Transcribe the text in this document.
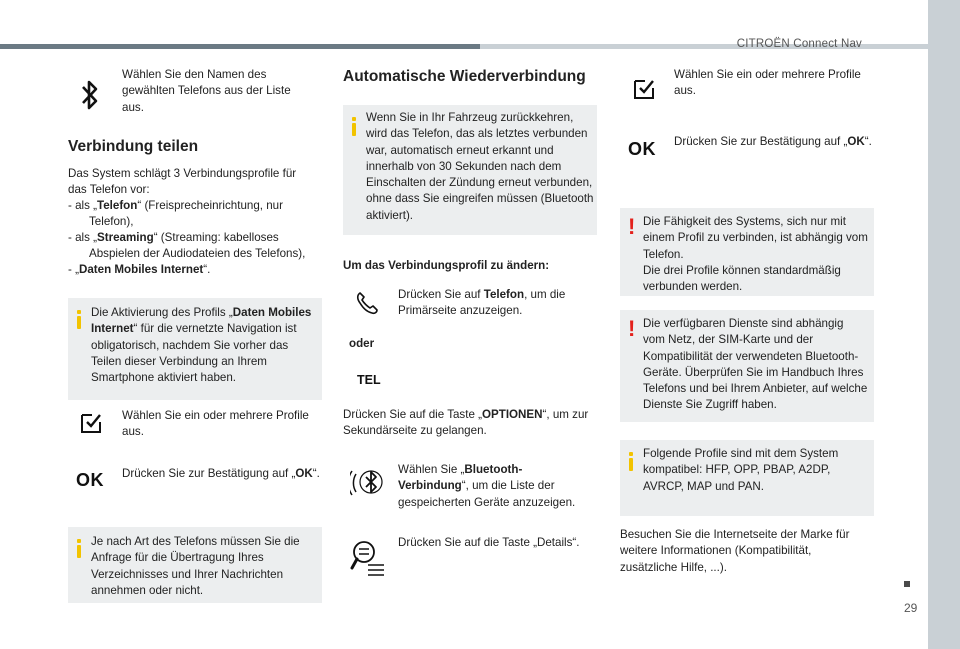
CITROËN Connect Nav
Wählen Sie den Namen des gewählten Telefons aus der Liste aus.
Verbindung teilen
Das System schlägt 3 Verbindungsprofile für das Telefon vor:
- als „Telefon“ (Freisprecheinrichtung, nur
Telefon),
- als „Streaming“ (Streaming: kabelloses
Abspielen der Audiodateien des Telefons),
- „Daten Mobiles Internet“.
Die Aktivierung des Profils „Daten Mobiles Internet“ für die vernetzte Navigation ist obligatorisch, nachdem Sie vorher das Teilen dieser Verbindung an Ihrem Smartphone aktiviert haben.
Wählen Sie ein oder mehrere Profile aus.
OK Drücken Sie zur Bestätigung auf „OK“.
Je nach Art des Telefons müssen Sie die Anfrage für die Übertragung Ihres Verzeichnisses und Ihrer Nachrichten annehmen oder nicht.
Automatische Wiederverbindung
Wenn Sie in Ihr Fahrzeug zurückkehren, wird das Telefon, das als letztes verbunden war, automatisch erneut erkannt und innerhalb von 30 Sekunden nach dem Einschalten der Zündung erneut verbunden, ohne dass Sie eingreifen müssen (Bluetooth aktiviert).
Um das Verbindungsprofil zu ändern:
Drücken Sie auf Telefon, um die Primärseite anzuzeigen.
oder
TEL
Drücken Sie auf die Taste „OPTIONEN“, um zur Sekundärseite zu gelangen.
Wählen Sie „Bluetooth-Verbindung“, um die Liste der gespeicherten Geräte anzuzeigen.
Drücken Sie auf die Taste „Details“.
Wählen Sie ein oder mehrere Profile aus.
OK Drücken Sie zur Bestätigung auf „OK“.
! Die Fähigkeit des Systems, sich nur mit einem Profil zu verbinden, ist abhängig vom Telefon.
Die drei Profile können standardmäßig verbunden werden.
! Die verfügbaren Dienste sind abhängig vom Netz, der SIM-Karte und der Kompatibilität der verwendeten Bluetooth-Geräte. Überprüfen Sie im Handbuch Ihres Telefons und bei Ihrem Anbieter, auf welche Dienste Sie Zugriff haben.
Folgende Profile sind mit dem System kompatibel: HFP, OPP, PBAP, A2DP, AVRCP, MAP und PAN.
Besuchen Sie die Internetseite der Marke für weitere Informationen (Kompatibilität, zusätzliche Hilfe, ...).
29
